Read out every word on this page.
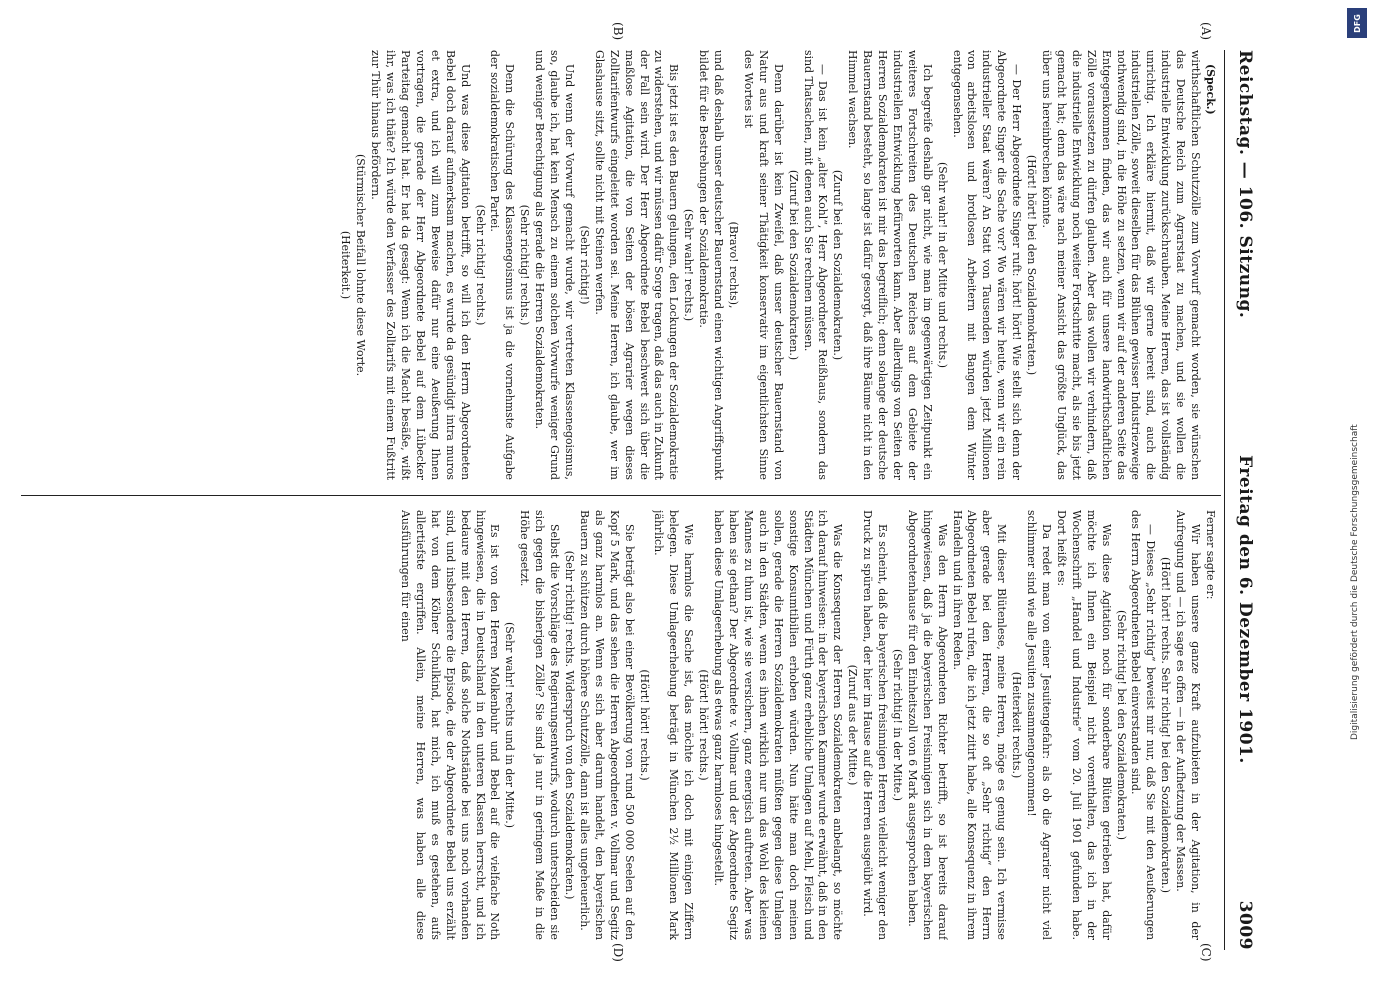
Reichstag. — 106. Sitzung.
Freitag den 6. Dezember 1901.
3009
(A)
(B)
(C)
(D)

(Speck.)

wirthschaftlichen Schutzzölle zum Vorwurf gemacht worden, sie wünschen das Deutsche Reich zum Agrarstaat zu machen, und sie wollen die industrielle Entwicklung zurückschrauben. Meine Herren, das ist vollständig unrichtig. Ich erkläre hiermit, daß wir gerne bereit sind, auch die industriellen Zölle, soweit dieselben für das Blühen gewisser Industriezweige nothwendig sind, in die Höhe zu setzen, wenn wir auf der anderen Seite das Entgegenkommen finden, das wir auch für unsere landwirthschaftlichen Zölle voraussetzen zu dürfen glauben. Aber das wollen wir verhindern, daß die industrielle Entwicklung noch weiter Fortschritte macht, als sie bis jetzt gemacht hat; denn das wäre nach meiner Ansicht das größte Unglück, das über uns hereinbrechen könnte.

(Hört! hört! bei den Sozialdemokraten.)

— Der Herr Abgeordnete Singer ruft: hört! hört! Wie stellt sich denn der Abgeordnete Singer die Sache vor? Wo wären wir heute, wenn wir ein rein industrieller Staat wären? An Statt von Tausenden würden jetzt Millionen von arbeitslosen und brotlosen Arbeitern mit Bangen dem Winter entgegensehen.

(Sehr wahr! in der Mitte und rechts.)

Ich begreife deshalb gar nicht, wie man im gegenwärtigen Zeitpunkt ein weiteres Fortschreiten des Deutschen Reiches auf dem Gebiete der industriellen Entwicklung befürworten kann. Aber allerdings von Seiten der Herren Sozialdemokraten ist mir das begreiflich; denn solange der deutsche Bauernstand besteht, so lange ist dafür gesorgt, daß ihre Bäume nicht in den Himmel wachsen.

(Zuruf bei den Sozialdemokraten.)

— Das ist kein „alter Kohl“, Herr Abgeordneter Reißhaus, sondern das sind Thatsachen, mit denen auch Sie rechnen müssen.

(Zuruf bei den Sozialdemokraten.)

Denn darüber ist kein Zweifel, daß unser deutscher Bauernstand von Natur aus und kraft seiner Thätigkeit konservativ im eigentlichsten Sinne des Wortes ist

(Bravo! rechts),

und daß deshalb unser deutscher Bauernstand einen wichtigen Angriffspunkt bildet für die Bestrebungen der Sozialdemokratie.

(Sehr wahr! rechts.)

Bis jetzt ist es den Bauern gelungen, den Lockungen der Sozialdemokratie zu widerstehen, und wir müssen dafür Sorge tragen, daß das auch in Zukunft der Fall sein wird. Der Herr Abgeordnete Bebel beschwert sich über die maßlose Agitation, die von Seiten der bösen Agrarier wegen dieses Zolltarifentwurfs eingeleitet worden sei. Meine Herren, ich glaube, wer im Glashause sitzt, sollte nicht mit Steinen werfen.

(Sehr richtig!)

Und wenn der Vorwurf gemacht wurde, wir vertreten Klassenegoismus, so, glaube ich, hat kein Mensch zu einem solchen Vorwurfe weniger Grund und weniger Berechtigung als gerade die Herren Sozialdemokraten.

(Sehr richtig! rechts.)

Denn die Schürung des Klassenegoismus ist ja die vornehmste Aufgabe der sozialdemokratischen Partei.

(Sehr richtig! rechts.)

Und was diese Agitation betrifft, so will ich den Herrn Abgeordneten Bebel doch darauf aufmerksam machen, es wurde da gesündigt intra muros et extra, und ich will zum Beweise dafür nur eine Aeußerung Ihnen vortragen, die gerade der Herr Abgeordnete Bebel auf dem Lübecker Parteitag gemacht hat. Er hat da gesagt: Wenn ich die Macht besäße, wißt ihr, was ich thäte? Ich würde den Verfasser des Zolltarifs mit einem Fußtritt zur Thür hinaus befördern.

(Stürmischer Beifall lohnte diese Worte.

(Heiterkeit.)

Ferner sagte er:

Wir haben unsere ganze Kraft aufzubieten in der Agitation, in der Aufregung und — ich sage es offen — in der Aufhetzung der Massen.

(Hört! hört! rechts. Sehr richtig! bei den Sozialdemokraten.)

— Dieses „Sehr richtig“ beweist mir nur, daß Sie mit den Aeußerungen des Herrn Abgeordneten Bebel einverstanden sind.

(Sehr richtig! bei den Sozialdemokraten.)

Was diese Agitation noch für sonderbare Blüten getrieben hat, dafür möchte ich Ihnen ein Beispiel nicht vorenthalten, das ich in der Wochenschrift „Handel und Industrie“ vom 20. Juli 1901 gefunden habe. Dort heißt es:

Da redet man von einer Jesuitengefahr: als ob die Agrarier nicht viel schlimmer sind wie alle Jesuiten zusammengenommen!

(Heiterkeit rechts.)

Mit dieser Blütenlese, meine Herren, möge es genug sein. Ich vermisse aber gerade bei den Herren, die so oft „Sehr richtig“ den Herrn Abgeordneten Bebel rufen, die ich jetzt zitirt habe, alle Konsequenz in ihrem Handeln und in ihren Reden.

Was den Herrn Abgeordneten Richter betrifft, so ist bereits darauf hingewiesen, daß ja die bayerischen Freisinnigen sich in dem bayerischen Abgeordnetenhause für den Einheitszoll von 6 Mark ausgesprochen haben.

(Sehr richtig! in der Mitte.)

Es scheint, daß die bayerischen freisinnigen Herren vielleicht weniger den Druck zu spüren haben, der hier im Hause auf die Herren ausgeübt wird.

(Zuruf aus der Mitte.)

Was die Konsequenz der Herren Sozialdemokraten anbelangt, so möchte ich darauf hinweisen: in der bayerischen Kammer wurde erwähnt, daß in den Städten München und Fürth ganz erhebliche Umlagen auf Mehl, Fleisch und sonstige Konsumtibilien erhoben würden. Nun hätte man doch meinen sollen, gerade die Herren Sozialdemokraten müßten gegen diese Umlagen auch in den Städten, wenn es ihnen wirklich nur um das Wohl des kleinen Mannes zu thun ist, wie sie versichern, ganz energisch auftreten. Aber was haben sie gethan? Der Abgeordnete v. Vollmar und der Abgeordnete Segitz haben diese Umlageerhebung als etwas ganz harmloses hingestellt.

(Hört! hört! rechts.)

Wie harmlos die Sache ist, das möchte ich doch mit einigen Ziffern belegen. Diese Umlageerhebung beträgt in München 2½ Millionen Mark jährlich.

(Hört! hört! rechts.)

Sie beträgt also bei einer Bevölkerung von rund 500 000 Seelen auf den Kopf 5 Mark, und das sehen die Herren Abgeordneten v. Vollmar und Segitz als ganz harmlos an. Wenn es sich aber darum handelt, den bayerischen Bauern zu schützen durch höhere Schutzzölle, dann ist alles ungeheuerlich.

(Sehr richtig! rechts. Widerspruch von den Sozialdemokraten.)

Selbst die Vorschläge des Regierungsentwurfs, wodurch unterscheiden sie sich gegen die bisherigen Zölle? Sie sind ja nur in geringem Maße in die Höhe gesetzt.

(Sehr wahr! rechts und in der Mitte.)

Es ist von den Herren Molkenbuhr und Bebel auf die vielfache Noth hingewiesen, die in Deutschland in den unteren Klassen herrscht, und ich bedaure mit den Herren, daß solche Nothstände bei uns noch vorhanden sind, und insbesondere die Episode, die der Abgeordnete Bebel uns erzählt hat von dem Kölner Schulkind, hat mich, ich muß es gestehen, aufs allertiefste ergriffen. Allein, meine Herren, was haben alle diese Ausführungen für einen

DFG
Digitalisierung gefördert durch die Deutsche Forschungsgemeinschaft
